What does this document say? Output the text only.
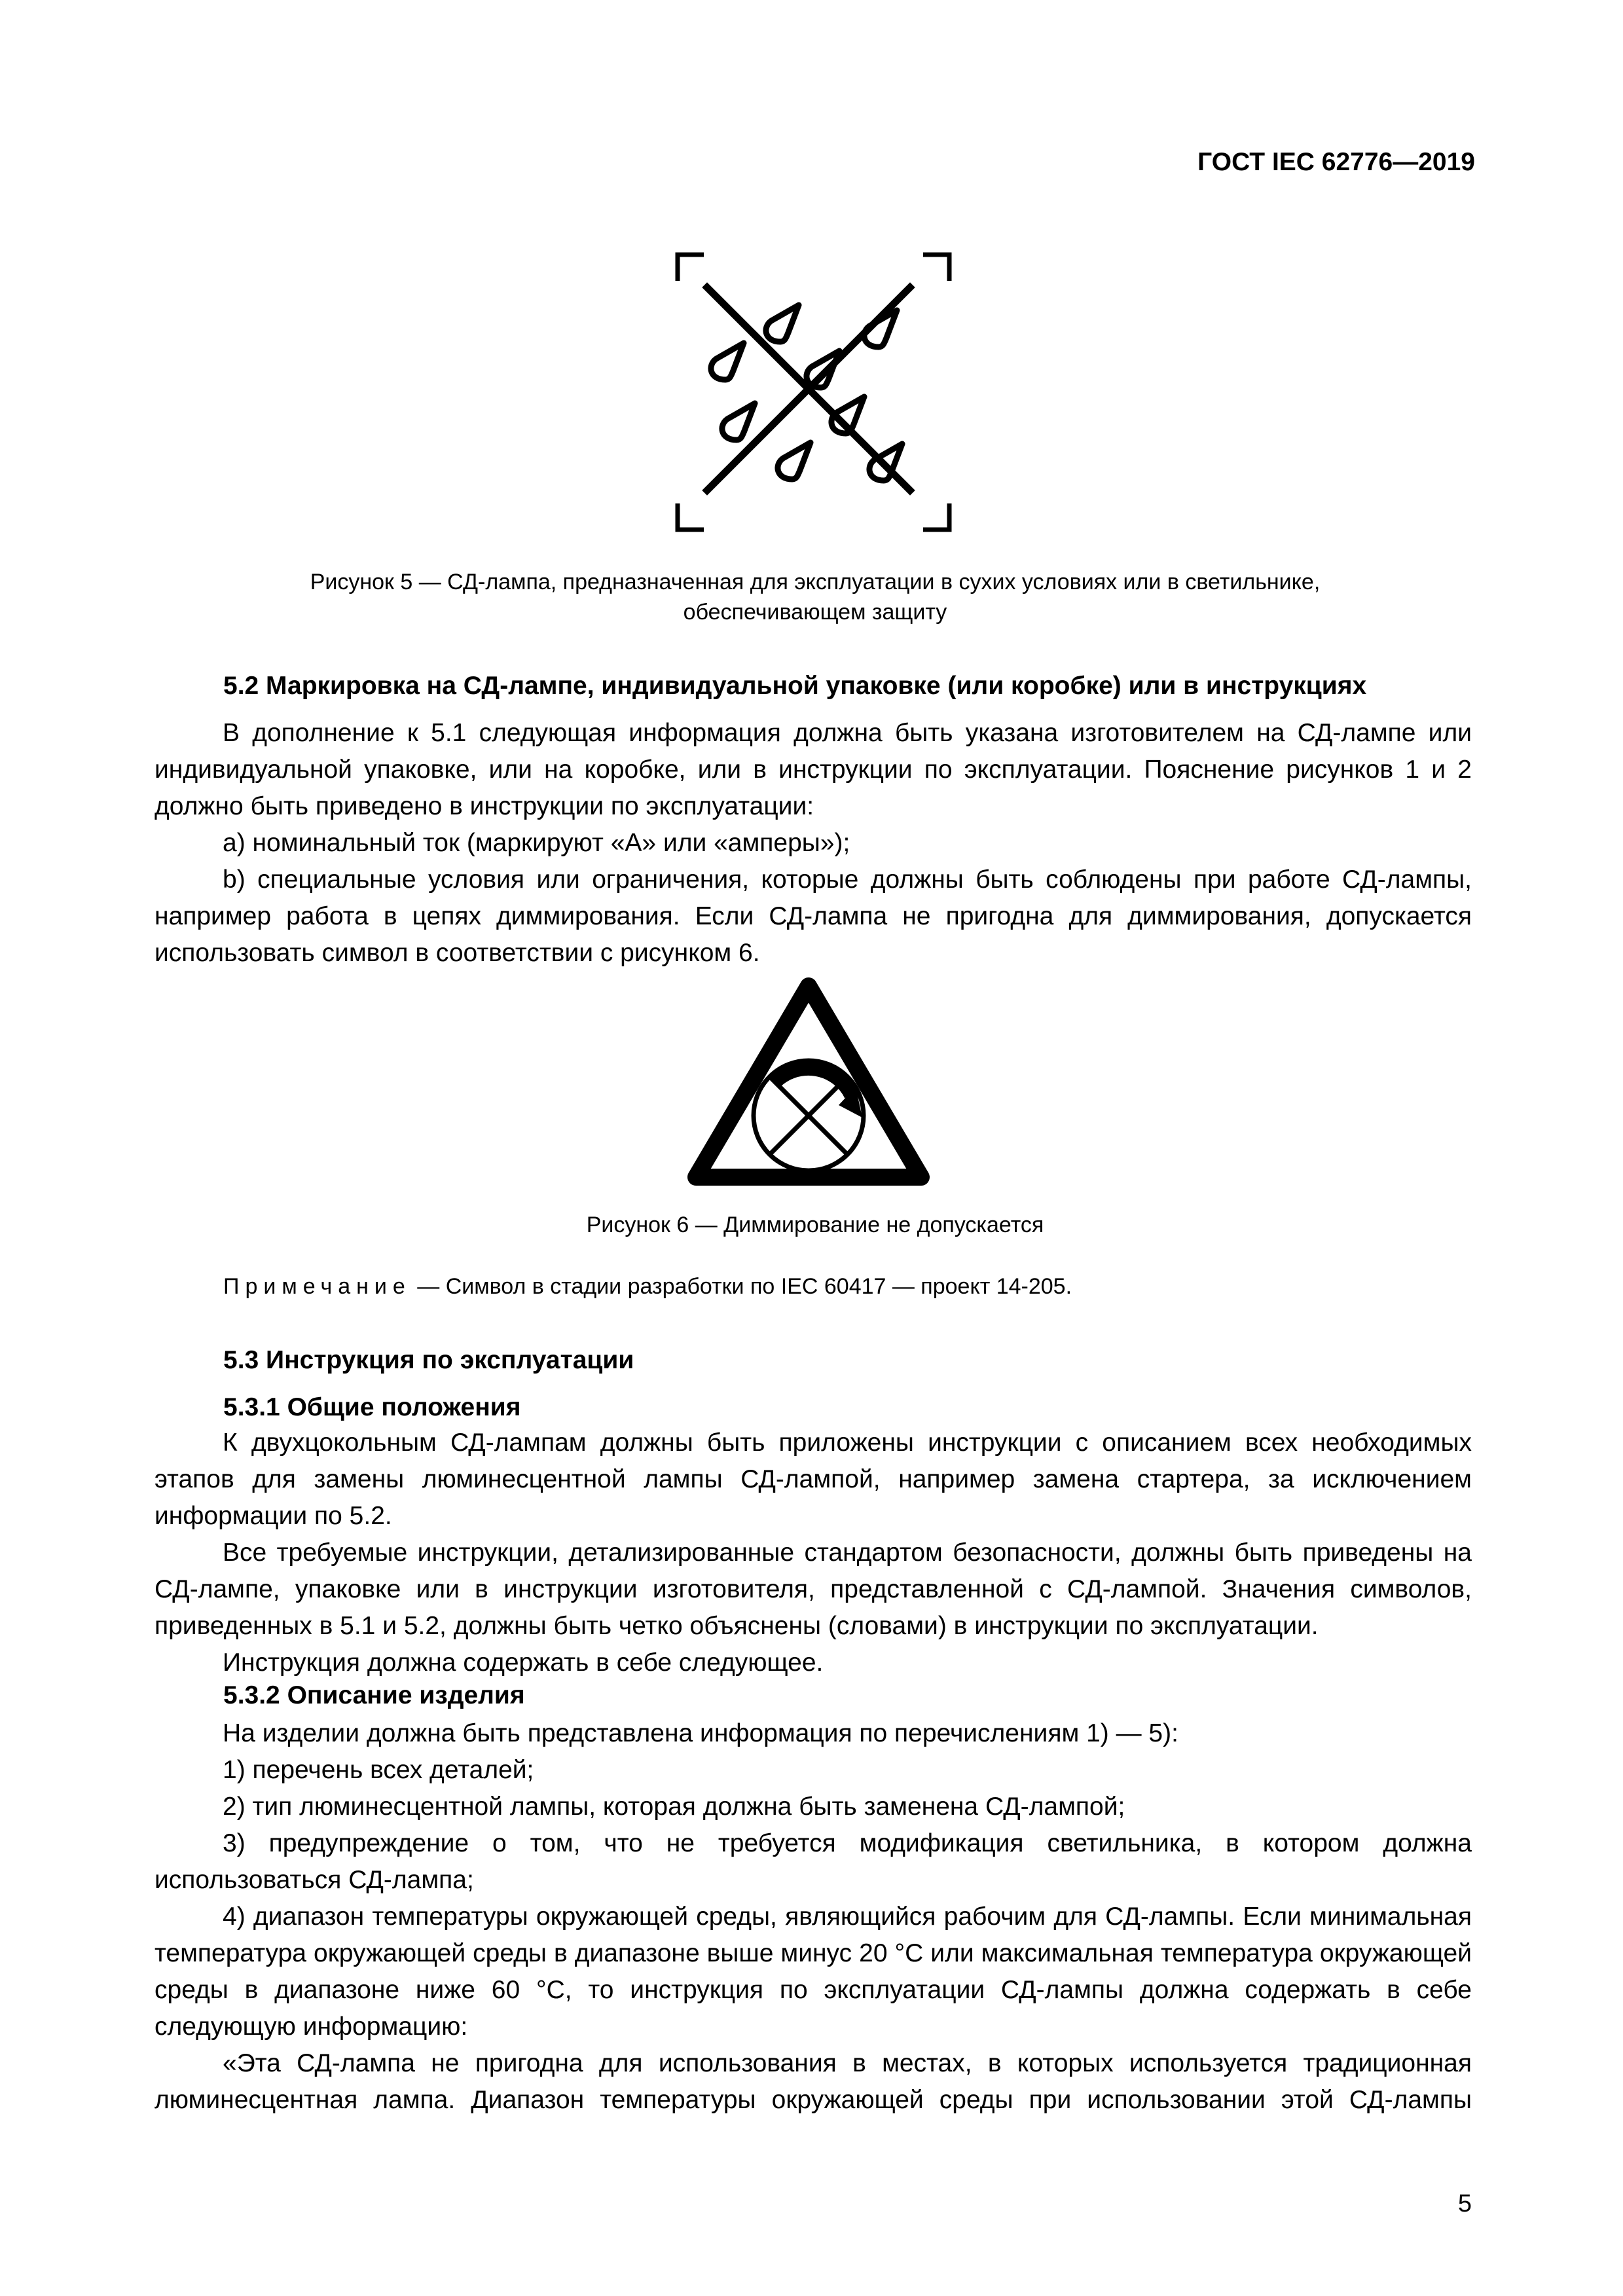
ГОСТ IEC 62776—2019
Рисунок 5 — СД-лампа, предназначенная для эксплуатации в сухих условиях или в светильнике,
обеспечивающем защиту
5.2 Маркировка на СД-лампе, индивидуальной упаковке (или коробке) или в инструкциях
В дополнение к 5.1 следующая информация должна быть указана изготовителем на СД-лампе или индивидуальной упаковке, или на коробке, или в инструкции по эксплуатации. Пояснение рисунков 1 и 2 должно быть приведено в инструкции по эксплуатации:
а) номинальный ток (маркируют «А» или «амперы»);
b) специальные условия или ограничения, которые должны быть соблюдены при работе СД-лампы, например работа в цепях диммирования. Если СД-лампа не пригодна для диммирования, допускается использовать символ в соответствии с рисунком 6.
Рисунок 6 — Диммирование не допускается
Примечание — Символ в стадии разработки по IEC 60417 — проект 14-205.
5.3 Инструкция по эксплуатации
5.3.1 Общие положения
К двухцокольным СД-лампам должны быть приложены инструкции с описанием всех необходимых этапов для замены люминесцентной лампы СД-лампой, например замена стартера, за исключением информации по 5.2.
Все требуемые инструкции, детализированные стандартом безопасности, должны быть приведены на СД-лампе, упаковке или в инструкции изготовителя, представленной с СД-лампой. Значения символов, приведенных в 5.1 и 5.2, должны быть четко объяснены (словами) в инструкции по эксплуатации.
Инструкция должна содержать в себе следующее.
5.3.2 Описание изделия
На изделии должна быть представлена информация по перечислениям 1) — 5):
1) перечень всех деталей;
2) тип люминесцентной лампы, которая должна быть заменена СД-лампой;
3) предупреждение о том, что не требуется модификация светильника, в котором должна использоваться СД-лампа;
4) диапазон температуры окружающей среды, являющийся рабочим для СД-лампы. Если минимальная температура окружающей среды в диапазоне выше минус 20 °С или максимальная температура окружающей среды в диапазоне ниже 60 °С, то инструкция по эксплуатации СД-лампы должна содержать в себе следующую информацию:
«Эта СД-лампа не пригодна для использования в местах, в которых используется традиционная люминесцентная лампа. Диапазон температуры окружающей среды при использовании этой СД-лампы
5
